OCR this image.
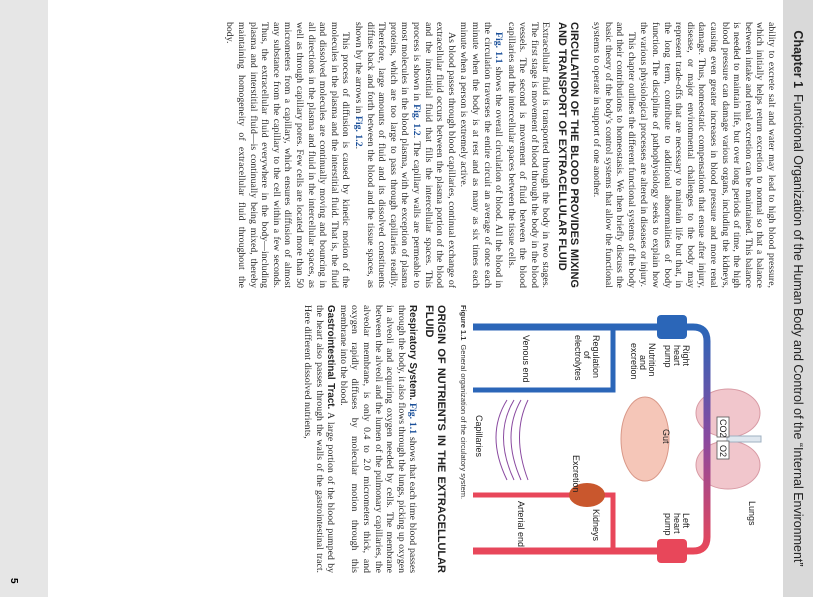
Chapter 1
Functional Organization of the Human Body and Control of the “Internal Environment”

ability to excrete salt and water may lead to high blood pressure, which initially helps return excretion to normal so that a balance between intake and renal excretion can be maintained. This balance is needed to maintain life, but over long periods of time, the high blood pressure can damage various organs, including the kidneys, causing even greater increases in blood pressure and more renal damage. Thus, homeostatic compensations that ensue after injury, disease, or major environmental challenges to the body may represent trade-offs that are necessary to maintain life but that, in the long term, contribute to additional abnormalities of body function. The discipline of pathophysiology seeks to explain how the various physiological processes are altered in diseases or injury.

This chapter outlines the different functional systems of the body and their contributions to homeostasis. We then briefly discuss the basic theory of the body's control systems that allow the functional systems to operate in support of one another.

CIRCULATION OF THE BLOOD PROVIDES MIXING AND TRANSPORT OF EXTRACELLULAR FLUID

Extracellular fluid is transported through the body in two stages. The first stage is movement of blood through the body in the blood vessels. The second is movement of fluid between the blood capillaries and the intercellular spaces between the tissue cells.

Fig. 1.1 shows the overall circulation of blood. All the blood in the circulation traverses the entire circuit an average of once each minute when the body is at rest and as many as six times each minute when a person is extremely active.

As blood passes through blood capillaries, continual exchange of extracellular fluid occurs between the plasma portion of the blood and the interstitial fluid that fills the intercellular spaces. This process is shown in Fig. 1.2. The capillary walls are permeable to most molecules in the blood plasma, with the exception of plasma proteins, which are too large to pass through capillaries readily. Therefore, large amounts of fluid and its dissolved constituents diffuse back and forth between the blood and the tissue spaces, as shown by the arrows in Fig. 1.2.

This process of diffusion is caused by kinetic motion of the molecules in the plasma and the interstitial fluid. That is, the fluid and dissolved molecules are continually moving and bouncing in all directions in the plasma and fluid in the intercellular spaces, as well as through capillary pores. Few cells are located more than 50 micrometers from a capillary, which ensures diffusion of almost any substance from the capillary to the cell within a few seconds. Thus, the extracellular fluid everywhere in the body—including plasma and interstitial fluid—is continually being mixed, thereby maintaining homogeneity of extracellular fluid throughout the body.

Lungs
CO2
O2
Rightheartpump
Leftheartpump
Gut
Nutritionandexcretion
Kidneys
Excretion
Regulationofelectrolytes
Venous end
Arterial end
Capillaries
Figure 1.1General organization of the circulatory system.
ORIGIN OF NUTRIENTS IN THE EXTRACELLULAR FLUID

Respiratory System. Fig. 1.1 shows that each time blood passes through the body, it also flows through the lungs, picking up oxygen in alveoli and acquiring oxygen needed by cells. The membrane between the alveoli and the lumen of the pulmonary capillaries, the alveolar membrane, is only 0.4 to 2.0 micrometers thick, and oxygen rapidly diffuses by molecular motion through this membrane into the blood.

Gastrointestinal Tract. A large portion of the blood pumped by the heart also passes through the walls of the gastrointestinal tract. Here different dissolved nutrients,

5
